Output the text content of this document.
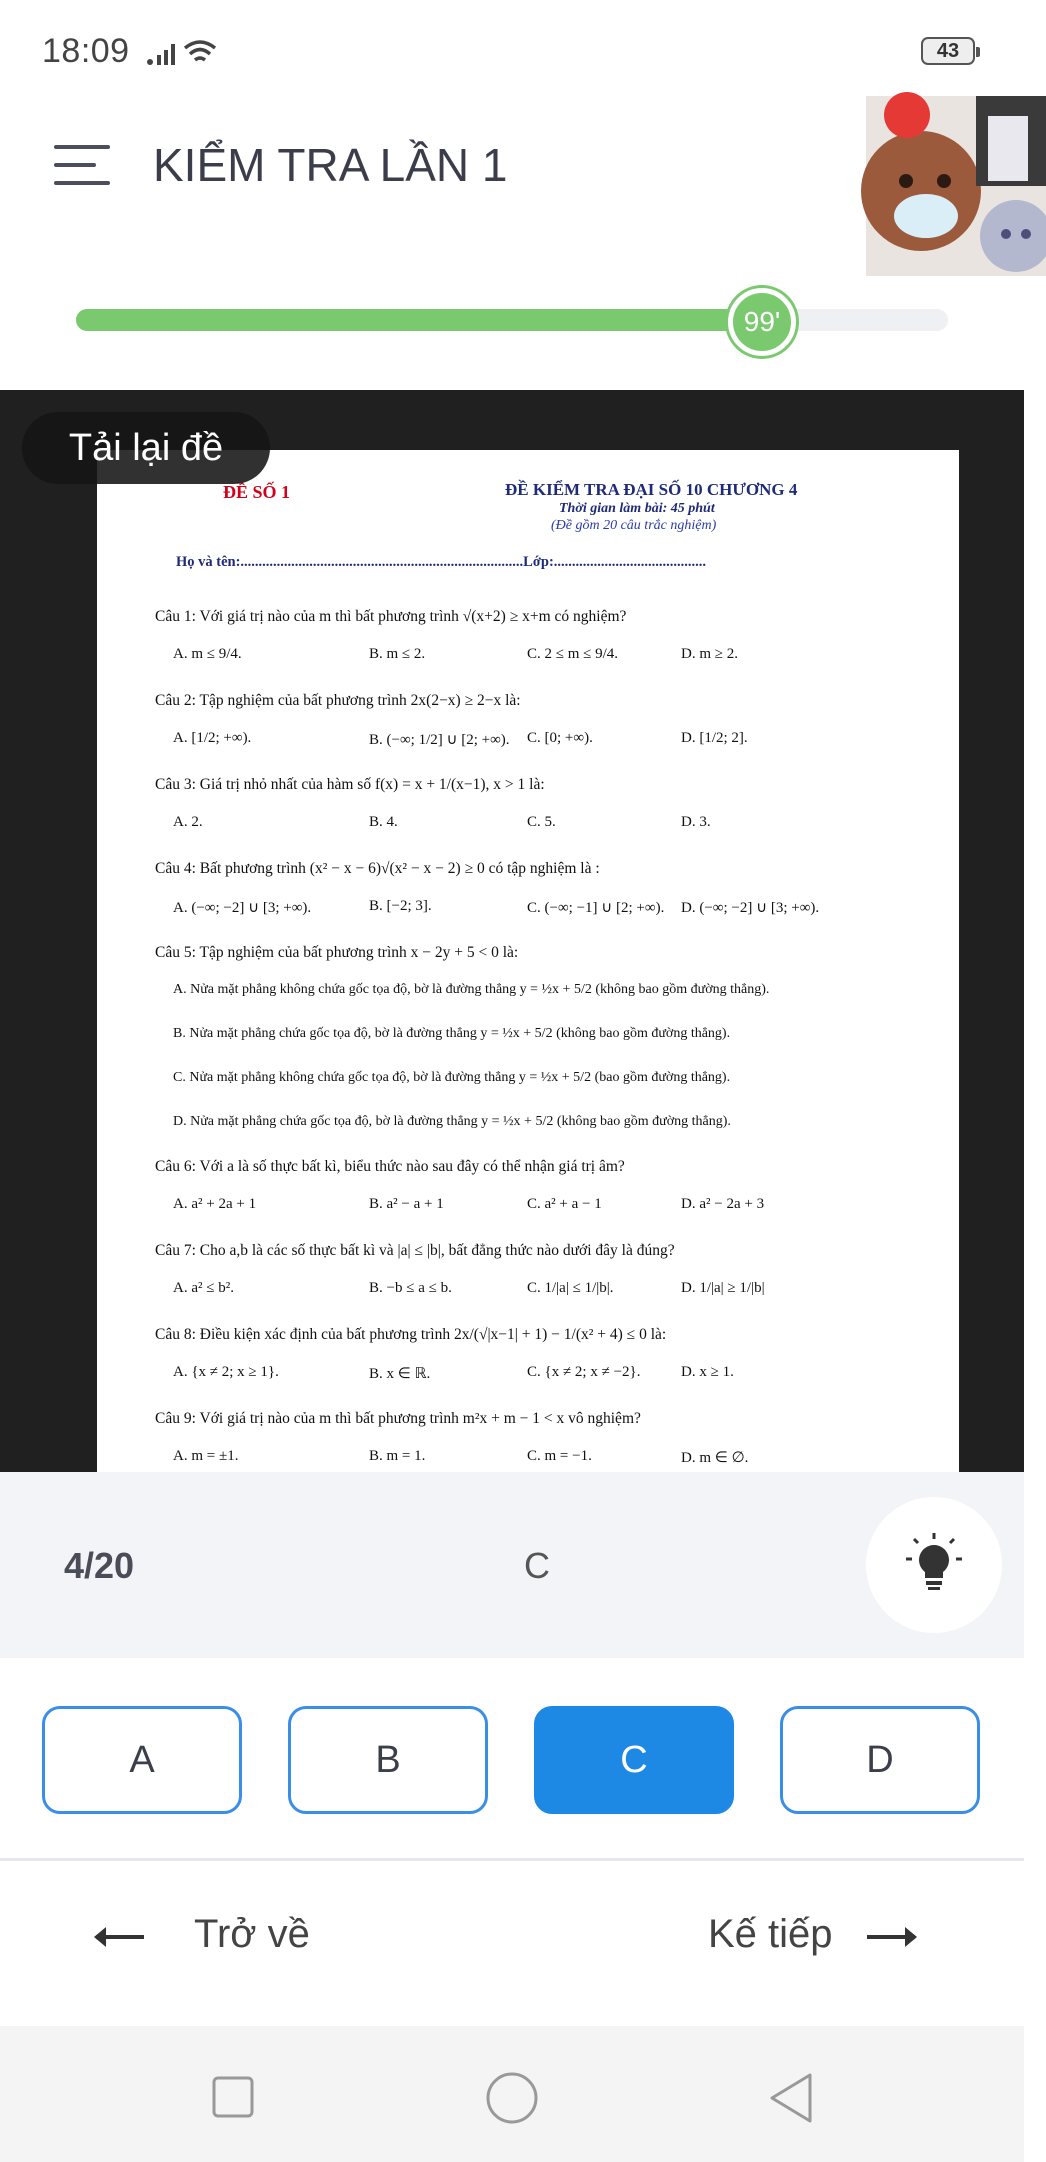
18:09	43
KIỂM TRA LẦN 1
99'
ĐỀ SỐ 1	ĐỀ KIỂM TRA ĐẠI SỐ 10 CHƯƠNG 4
Thời gian làm bài: 45 phút
(Đề gồm 20 câu trắc nghiệm)
Họ và tên:..............................................................................Lớp:..........................................
Câu 1: Với giá trị nào của m thì bất phương trình √(x+2) ≥ x+m có nghiệm?
A. m ≤ 9/4.	B. m ≤ 2.	C. 2 ≤ m ≤ 9/4.	D. m ≥ 2.
Câu 2: Tập nghiệm của bất phương trình 2x(2−x) ≥ 2−x là:
A. [1/2; +∞).	B. (−∞; 1/2] ∪ [2; +∞). C. [0; +∞).	D. [1/2; 2].
Câu 3: Giá trị nhỏ nhất của hàm số f(x) = x + 1/(x−1), x > 1 là:
A. 2.	B. 4.	C. 5.	D. 3.
Câu 4: Bất phương trình (x² − x − 6)√(x² − x − 2) ≥ 0 có tập nghiệm là :
A. (−∞; −2] ∪ [3; +∞).	B. [−2; 3].	C. (−∞; −1] ∪ [2; +∞). D. (−∞; −2] ∪ [3; +∞).
Câu 5: Tập nghiệm của bất phương trình x − 2y + 5 < 0 là:
A. Nửa mặt phẳng không chứa gốc tọa độ, bờ là đường thẳng y = ½x + 5/2 (không bao gồm đường thẳng).
B. Nửa mặt phẳng chứa gốc tọa độ, bờ là đường thẳng y = ½x + 5/2 (không bao gồm đường thẳng).
C. Nửa mặt phẳng không chứa gốc tọa độ, bờ là đường thẳng y = ½x + 5/2 (bao gồm đường thẳng).
D. Nửa mặt phẳng chứa gốc tọa độ, bờ là đường thẳng y = ½x + 5/2 (không bao gồm đường thẳng).
Câu 6: Với a là số thực bất kì, biểu thức nào sau đây có thể nhận giá trị âm?
A. a² + 2a + 1	B. a² − a + 1	C. a² + a − 1	D. a² − 2a + 3
Câu 7: Cho a,b là các số thực bất kì và |a| ≤ |b|, bất đẳng thức nào dưới đây là đúng?
A. a² ≤ b².	B. −b ≤ a ≤ b.	C. 1/|a| ≤ 1/|b|.	D. 1/|a| ≥ 1/|b|
Câu 8: Điều kiện xác định của bất phương trình 2x/(√|x−1| + 1) − 1/(x² + 4) ≤ 0 là:
A. {x ≠ 2; x ≥ 1}.	B. x ∈ ℝ.	C. {x ≠ 2; x ≠ −2}.	D. x ≥ 1.
Câu 9: Với giá trị nào của m thì bất phương trình m²x + m − 1 < x vô nghiệm?
A. m = ±1.	B. m = 1.	C. m = −1.	D. m ∈ ∅.
Tải lại đề
4/20	C
A	B	C	D
Trở về	Kế tiếp
